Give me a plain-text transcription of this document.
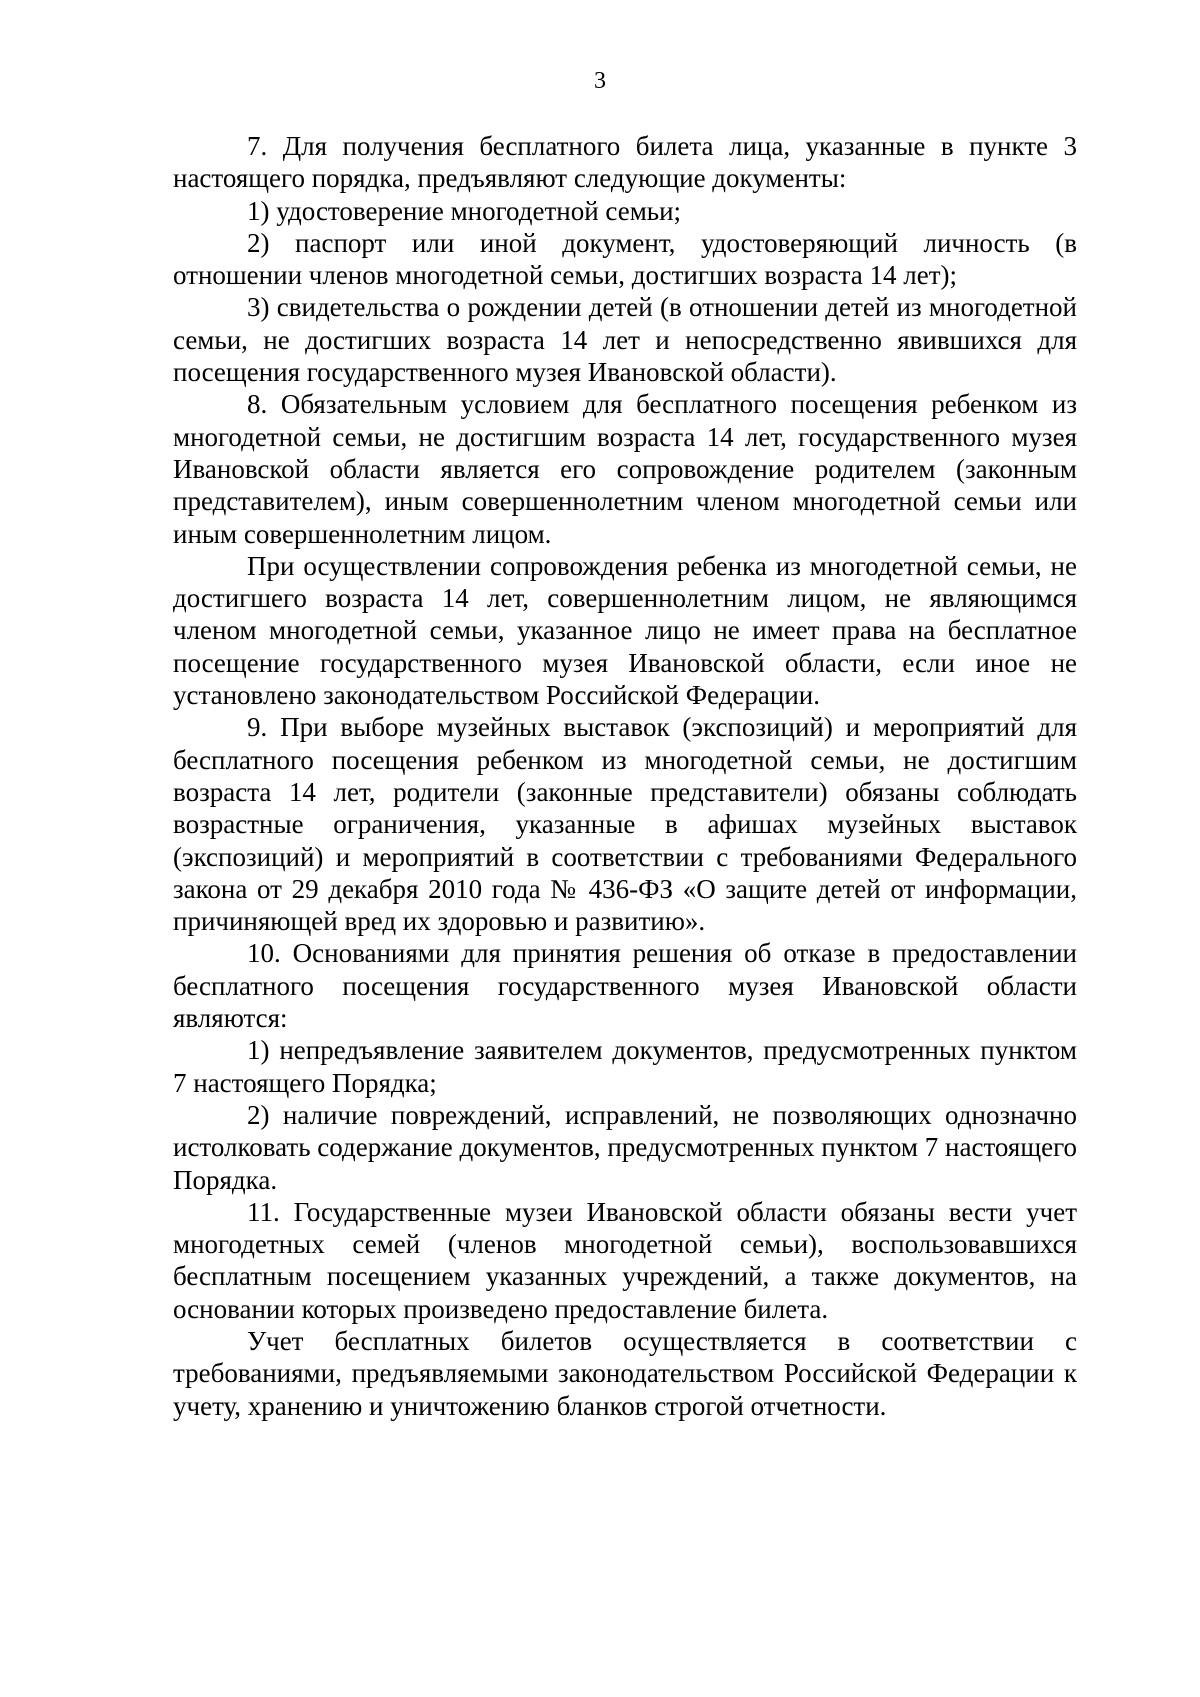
3

7. Для получения бесплатного билета лица, указанные в пункте 3 настоящего порядка, предъявляют следующие документы:

1) удостоверение многодетной семьи;

2) паспорт или иной документ, удостоверяющий личность (в отношении членов многодетной семьи, достигших возраста 14 лет);

3) свидетельства о рождении детей (в отношении детей из многодетной семьи, не достигших возраста 14 лет и непосредственно явившихся для посещения государственного музея Ивановской области).

8. Обязательным условием для бесплатного посещения ребенком из многодетной семьи, не достигшим возраста 14 лет, государственного музея Ивановской области является его сопровождение родителем (законным представителем), иным совершеннолетним членом многодетной семьи или иным совершеннолетним лицом.

При осуществлении сопровождения ребенка из многодетной семьи, не достигшего возраста 14 лет, совершеннолетним лицом, не являющимся членом многодетной семьи, указанное лицо не имеет права на бесплатное посещение государственного музея Ивановской области, если иное не установлено законодательством Российской Федерации.

9. При выборе музейных выставок (экспозиций) и мероприятий для бесплатного посещения ребенком из многодетной семьи, не достигшим возраста 14 лет, родители (законные представители) обязаны соблюдать возрастные ограничения, указанные в афишах музейных выставок (экспозиций) и мероприятий в соответствии с требованиями Федерального закона от 29 декабря 2010 года № 436-ФЗ «О защите детей от информации, причиняющей вред их здоровью и развитию».

10. Основаниями для принятия решения об отказе в предоставлении бесплатного посещения государственного музея Ивановской области являются:

1) непредъявление заявителем документов, предусмотренных пунктом 7 настоящего Порядка;

2) наличие повреждений, исправлений, не позволяющих однозначно истолковать содержание документов, предусмотренных пунктом 7 настоящего Порядка.

11. Государственные музеи Ивановской области обязаны вести учет многодетных семей (членов многодетной семьи), воспользовавшихся бесплатным посещением указанных учреждений, а также документов, на основании которых произведено предоставление билета.

Учет бесплатных билетов осуществляется в соответствии с требованиями, предъявляемыми законодательством Российской Федерации к учету, хранению и уничтожению бланков строгой отчетности.
